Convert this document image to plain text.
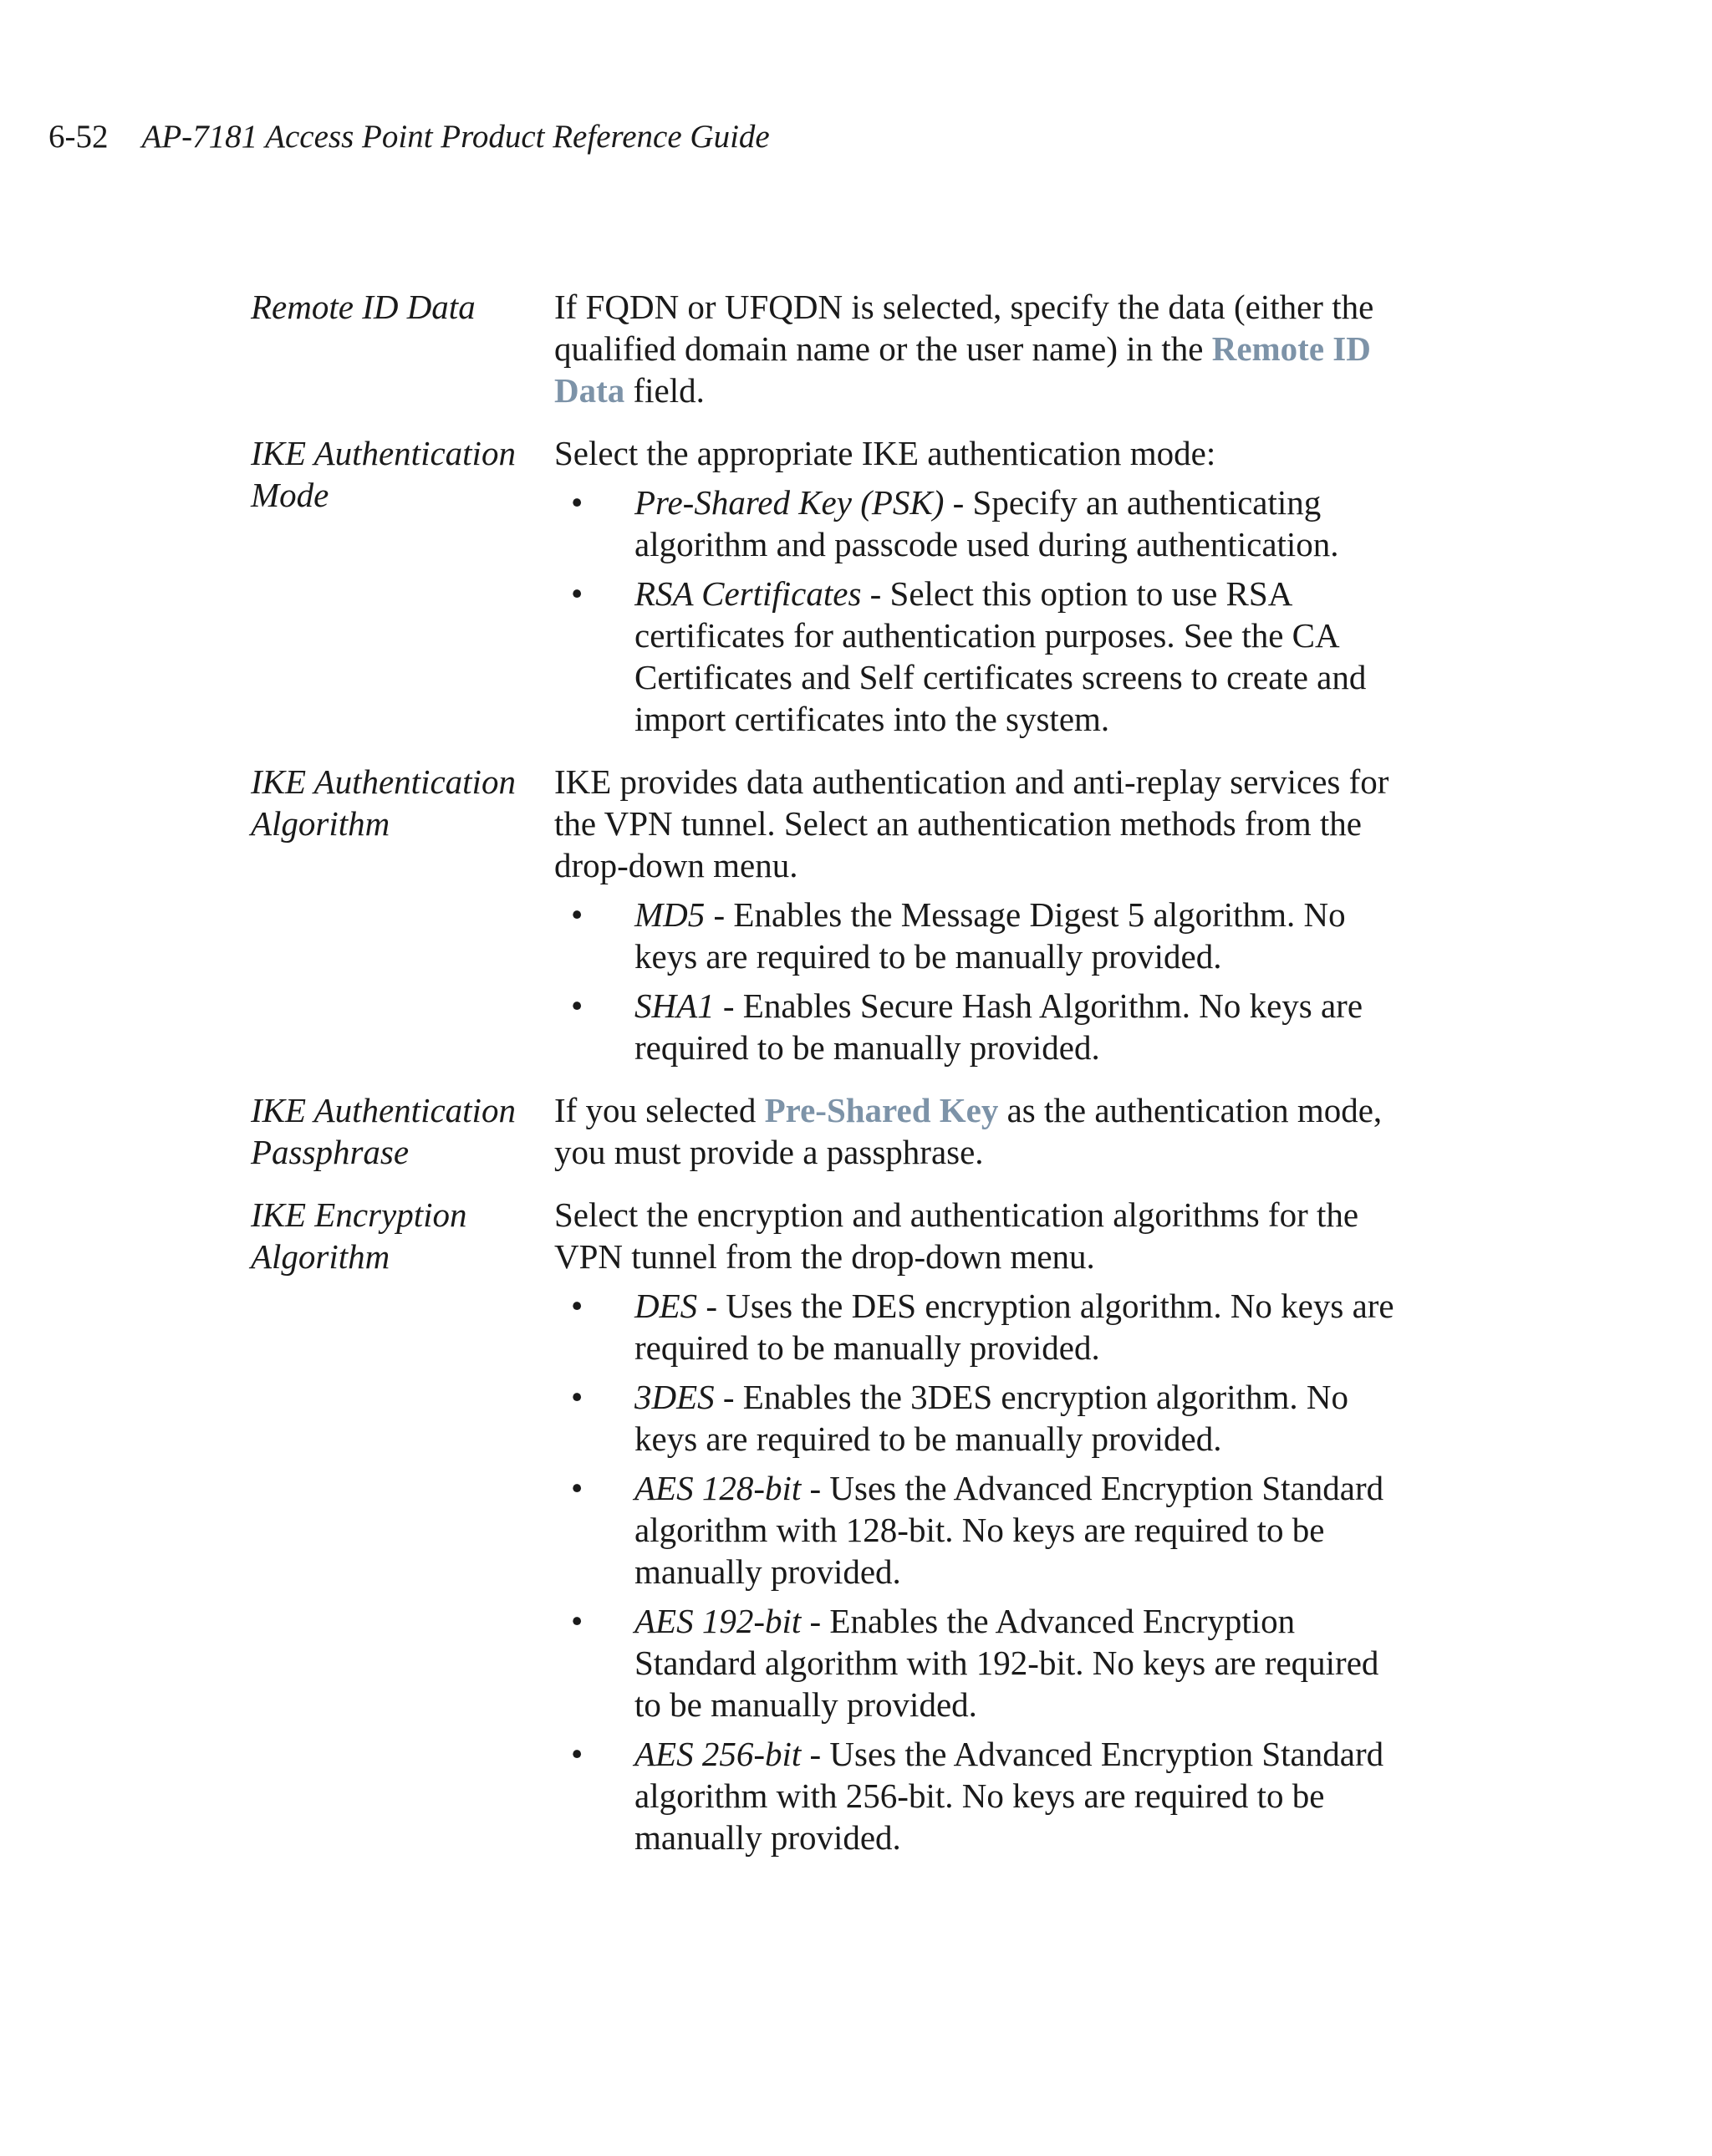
6-52 AP-7181 Access Point Product Reference Guide
Remote ID Data	If FQDN or UFQDN is selected, specify the data (either the qualified domain name or the user name) in the Remote ID Data field.

IKE Authentication
Mode

Select the appropriate IKE authentication mode:

• Pre-Shared Key (PSK) - Specify an authenticating algorithm and passcode used during authentication.
• RSA Certificates - Select this option to use RSA certificates for authentication purposes. See the CA Certificates and Self certificates screens to create and import certificates into the system.
IKE Authentication
Algorithm

IKE provides data authentication and anti-replay services for the VPN tunnel. Select an authentication methods from the drop-down menu.

• MD5 - Enables the Message Digest 5 algorithm. No keys are required to be manually provided.
• SHA1 - Enables Secure Hash Algorithm. No keys are required to be manually provided.
IKE Authentication
Passphrase

If you selected Pre-Shared Key as the authentication mode, you must provide a passphrase.

IKE Encryption
Algorithm

Select the encryption and authentication algorithms for the VPN tunnel from the drop-down menu.

• DES - Uses the DES encryption algorithm. No keys are required to be manually provided.
• 3DES - Enables the 3DES encryption algorithm. No keys are required to be manually provided.
• AES 128-bit - Uses the Advanced Encryption Standard algorithm with 128-bit. No keys are required to be manually provided.
• AES 192-bit - Enables the Advanced Encryption Standard algorithm with 192-bit. No keys are required to be manually provided.
• AES 256-bit - Uses the Advanced Encryption Standard algorithm with 256-bit. No keys are required to be manually provided.
